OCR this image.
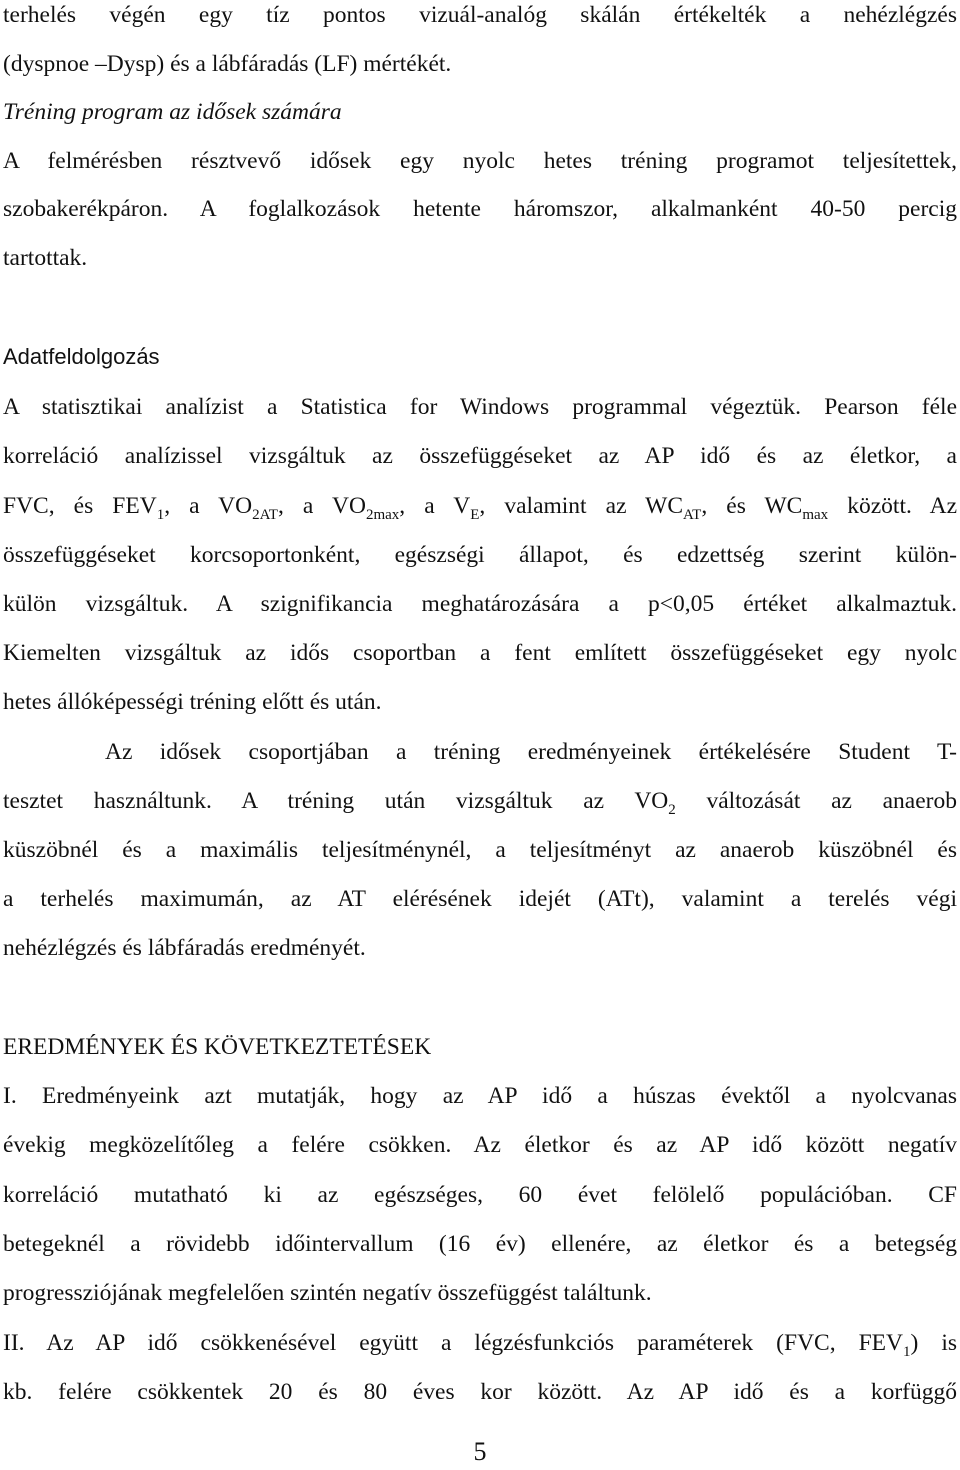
terhelés végén egy tíz pontos vizuál-analóg skálán értékelték a nehézlégzés
(dyspnoe –Dysp) és a lábfáradás (LF) mértékét.
Tréning program az idősek számára
A felmérésben résztvevő idősek egy nyolc hetes tréning programot teljesítettek,
szobakerékpáron. A foglalkozások hetente háromszor, alkalmanként 40-50 percig
tartottak.
Adatfeldolgozás
A statisztikai analízist a Statistica for Windows programmal végeztük. Pearson féle
korreláció analízissel vizsgáltuk az összefüggéseket az AP idő és az életkor, a
FVC, és $FEV_1$, a $VO_{2AT}$, a $VO_{2max}$, a $V_E$, valamint az $WC_{AT}$, és $WC_{max}$ között. Az
összefüggéseket korcsoportonként, egészségi állapot, és edzettség szerint külön-
külön vizsgáltuk. A szignifikancia meghatározására a p<0,05 értéket alkalmaztuk.
Kiemelten vizsgáltuk az idős csoportban a fent említett összefüggéseket egy nyolc
hetes állóképességi tréning előtt és után.
Az idősek csoportjában a tréning eredményeinek értékelésére Student T-
tesztet használtunk. A tréning után vizsgáltuk az $VO_2$ változását az anaerob
küszöbnél és a maximális teljesítménynél, a teljesítményt az anaerob küszöbnél és
a terhelés maximumán, az AT elérésének idejét (ATt), valamint a terelés végi
nehézlégzés és lábfáradás eredményét.
EREDMÉNYEK ÉS KÖVETKEZTETÉSEK
I. Eredményeink azt mutatják, hogy az AP idő a húszas évektől a nyolcvanas
évekig megközelítőleg a felére csökken. Az életkor és az AP idő között negatív
korreláció mutatható ki az egészséges, 60 évet felölelő populációban. CF
betegeknél a rövidebb időintervallum (16 év) ellenére, az életkor és a betegség
progressziójának megfelelően szintén negatív összefüggést találtunk.
II. Az AP idő csökkenésével együtt a légzésfunkciós paraméterek (FVC, $FEV_1$) is
kb. felére csökkentek 20 és 80 éves kor között. Az AP idő és a korfüggő
5
